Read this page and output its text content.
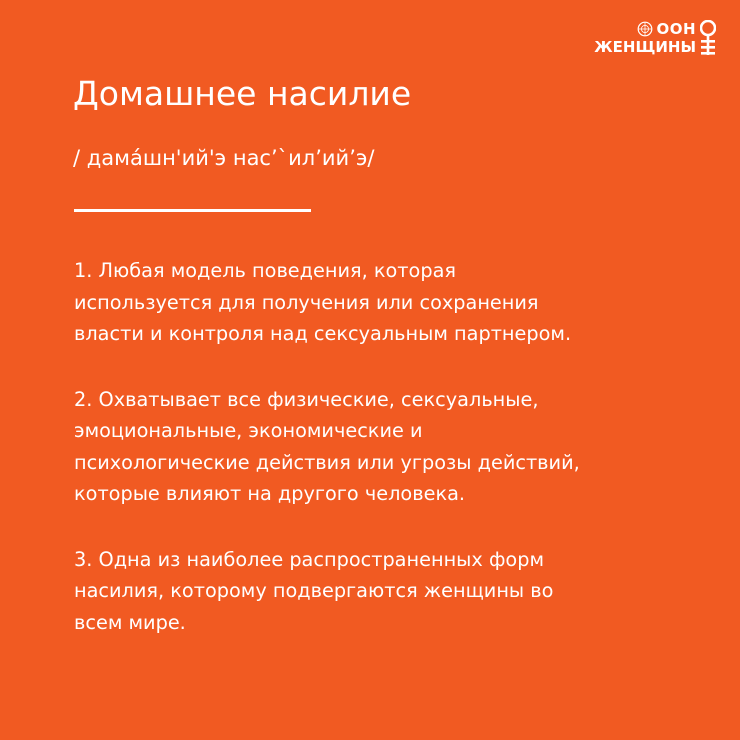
ООН
ЖЕНЩИНЫ
Домашнее насилие

/ дама́шн'ий'э нас’`ил’ий’э/

1. Любая модель поведения, которая
используется для получения или сохранения
власти и контроля над сексуальным партнером.
2. Охватывает все физические, сексуальные,
эмоциональные, экономические и
психологические действия или угрозы действий,
которые влияют на другого человека.
3. Одна из наиболее распространенных форм
насилия, которому подвергаются женщины во
всем мире.
